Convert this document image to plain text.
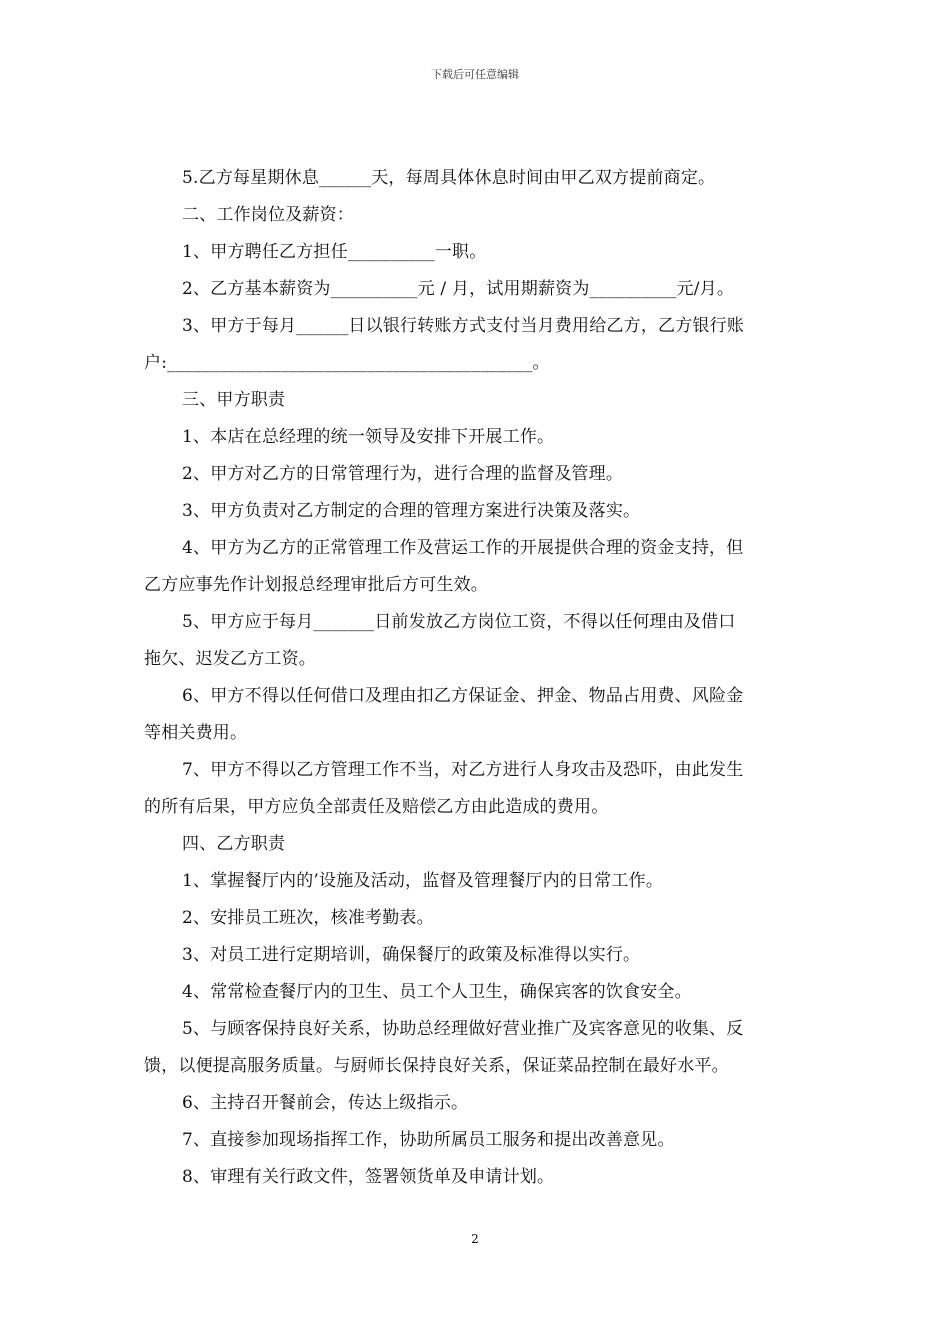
下载后可任意编辑
5.乙方每星期休息______天，每周具体休息时间由甲乙双方提前商定。
二、工作岗位及薪资：
1、甲方聘任乙方担任__________一职。
2、乙方基本薪资为__________元 / 月，试用期薪资为__________元/月。
3、甲方于每月______日以银行转账方式支付当月费用给乙方，乙方银行账
户:__________________________________________。
三、甲方职责
1、本店在总经理的统一领导及安排下开展工作。
2、甲方对乙方的日常管理行为，进行合理的监督及管理。
3、甲方负责对乙方制定的合理的管理方案进行决策及落实。
4、甲方为乙方的正常管理工作及营运工作的开展提供合理的资金支持，但
乙方应事先作计划报总经理审批后方可生效。
5、甲方应于每月_______日前发放乙方岗位工资，不得以任何理由及借口
拖欠、迟发乙方工资。
6、甲方不得以任何借口及理由扣乙方保证金、押金、物品占用费、风险金
等相关费用。
7、甲方不得以乙方管理工作不当，对乙方进行人身攻击及恐吓，由此发生
的所有后果，甲方应负全部责任及赔偿乙方由此造成的费用。
四、乙方职责
1、掌握餐厅内的’设施及活动，监督及管理餐厅内的日常工作。
2、安排员工班次，核准考勤表。
3、对员工进行定期培训，确保餐厅的政策及标准得以实行。
4、常常检查餐厅内的卫生、员工个人卫生，确保宾客的饮食安全。
5、与顾客保持良好关系，协助总经理做好营业推广及宾客意见的收集、反
馈，以便提高服务质量。与厨师长保持良好关系，保证菜品控制在最好水平。
6、主持召开餐前会，传达上级指示。
7、直接参加现场指挥工作，协助所属员工服务和提出改善意见。
8、审理有关行政文件，签署领货单及申请计划。
2
